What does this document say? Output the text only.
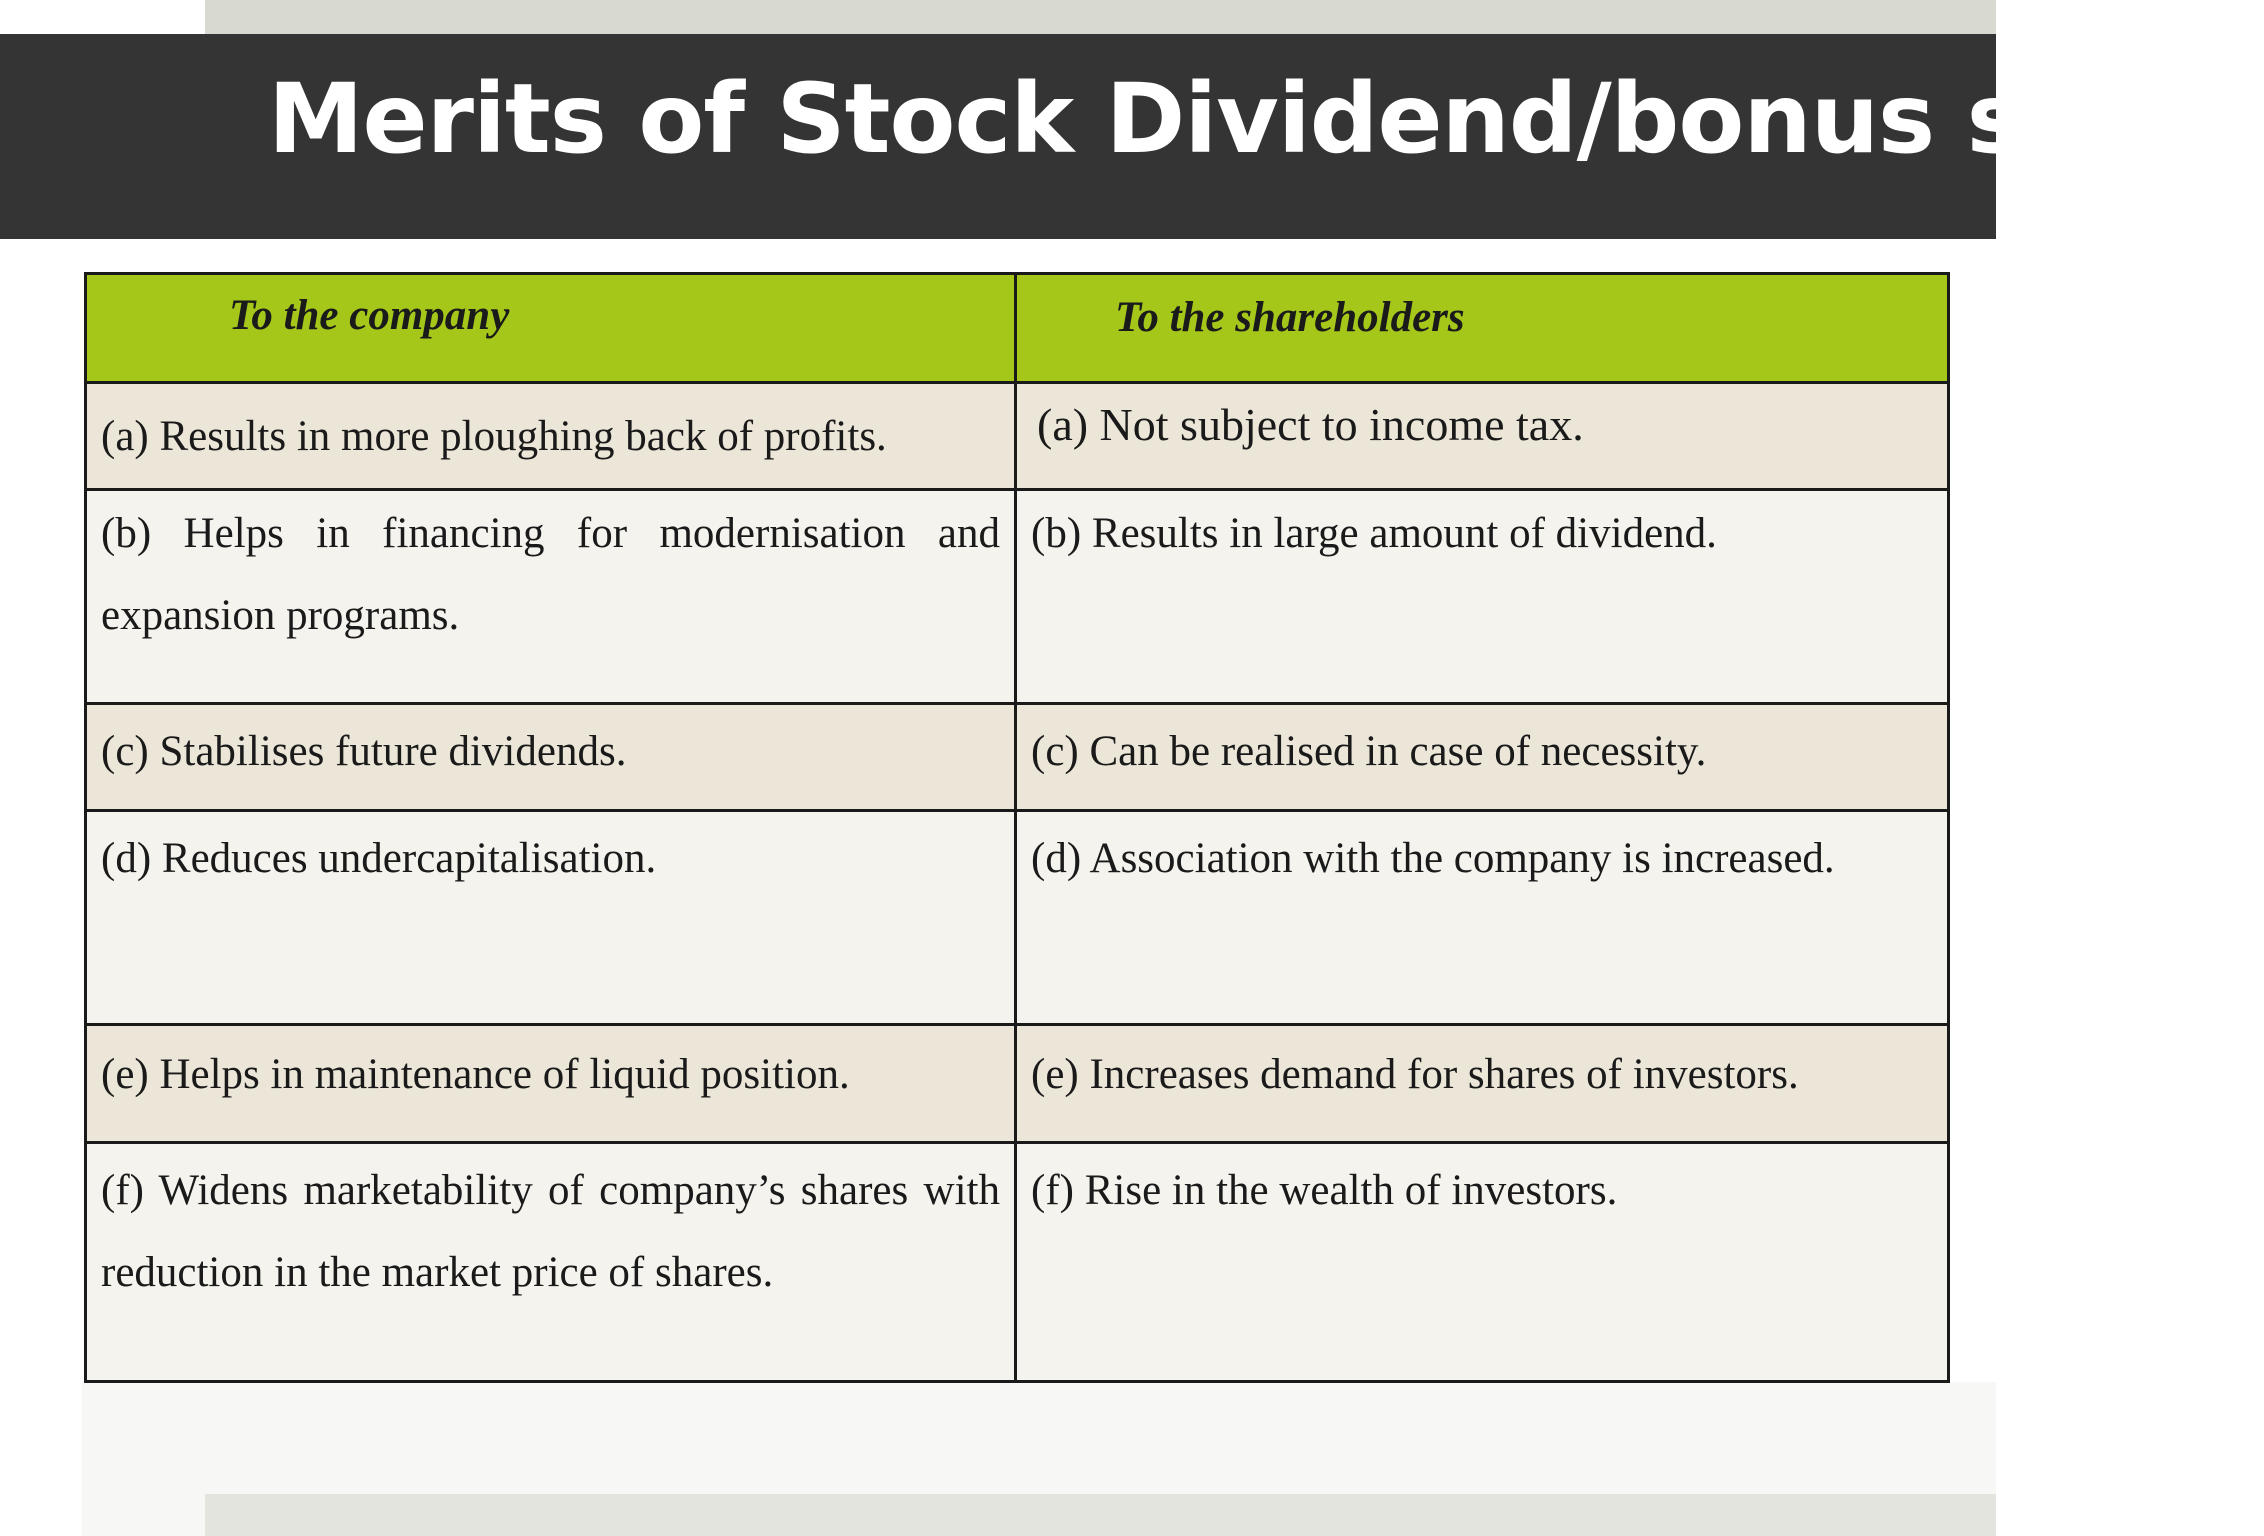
Merits of Stock Dividend/bonus share
To the company	To the shareholders
(a) Results in more ploughing back of profits.	(a) Not subject to income tax.
(b) Helps in financing for modernisation and expansion programs.	(b) Results in large amount of dividend.
(c) Stabilises future dividends.	(c) Can be realised in case of necessity.
(d) Reduces undercapitalisation.	(d) Association with the company is increased.
(e) Helps in maintenance of liquid position.	(e) Increases demand for shares of investors.
(f) Widens marketability of company’s shares with reduction in the market price of shares.	(f) Rise in the wealth of investors.
